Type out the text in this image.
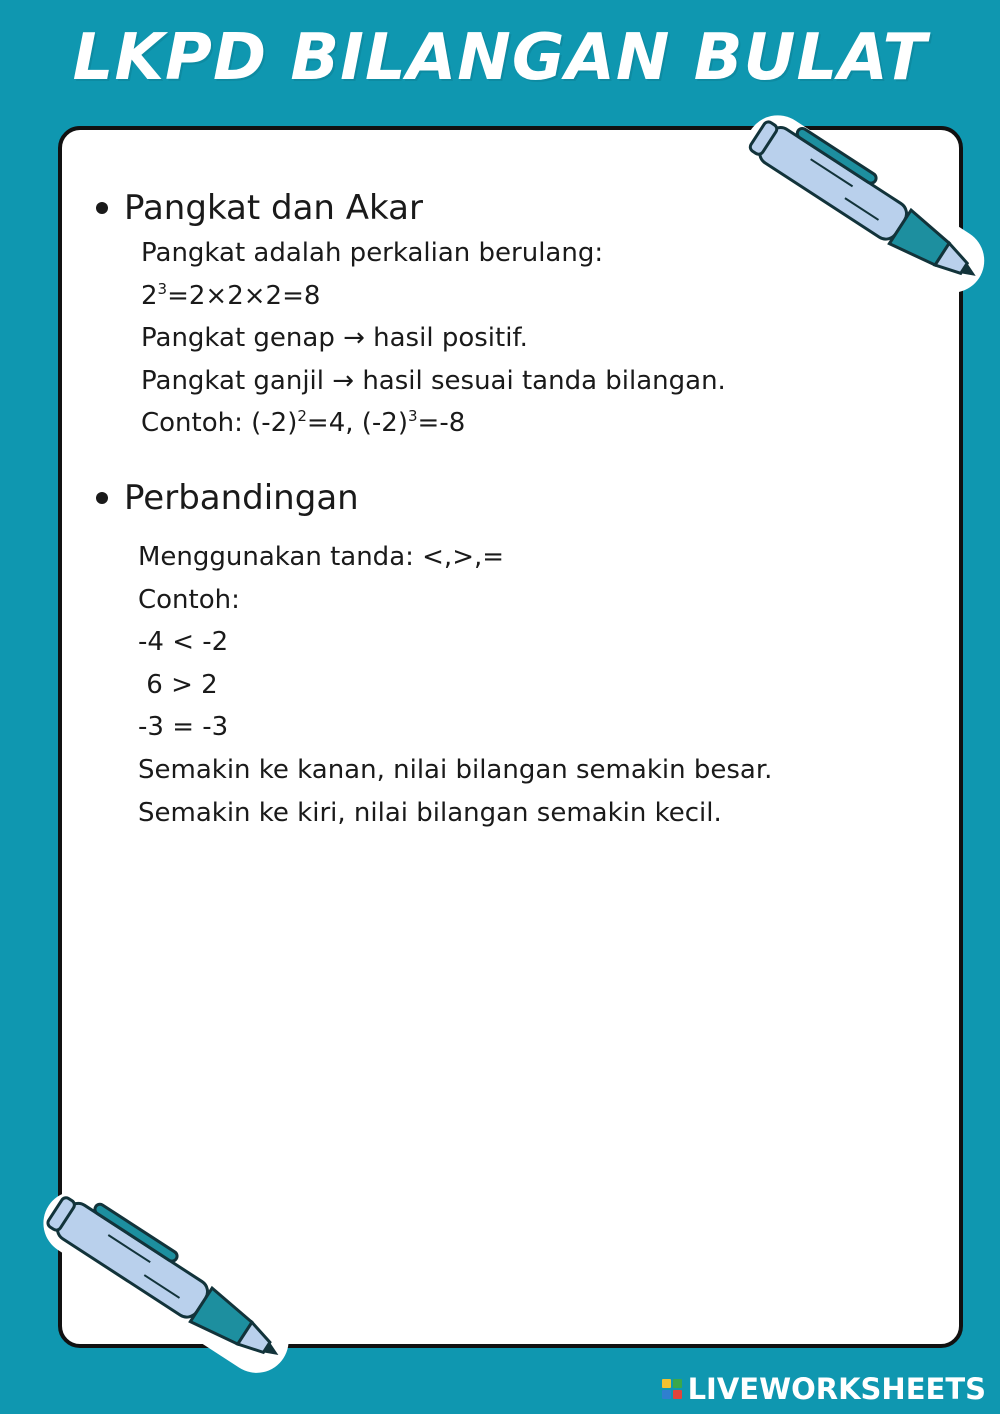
LKPD BILANGAN BULAT
Pangkat dan Akar
Pangkat adalah perkalian berulang:
$2^3=2\times 2\times 2=8$
Pangkat genap → hasil positif.
Pangkat ganjil → hasil sesuai tanda bilangan.
Contoh: $(-2)^2=4$, $(-2)^3=-8$
Perbandingan
Menggunakan tanda: <,>,=
Contoh:
-4 < -2
6 > 2
-3 = -3
Semakin ke kanan, nilai bilangan semakin besar.
Semakin ke kiri, nilai bilangan semakin kecil.
LIVEWORKSHEETS
